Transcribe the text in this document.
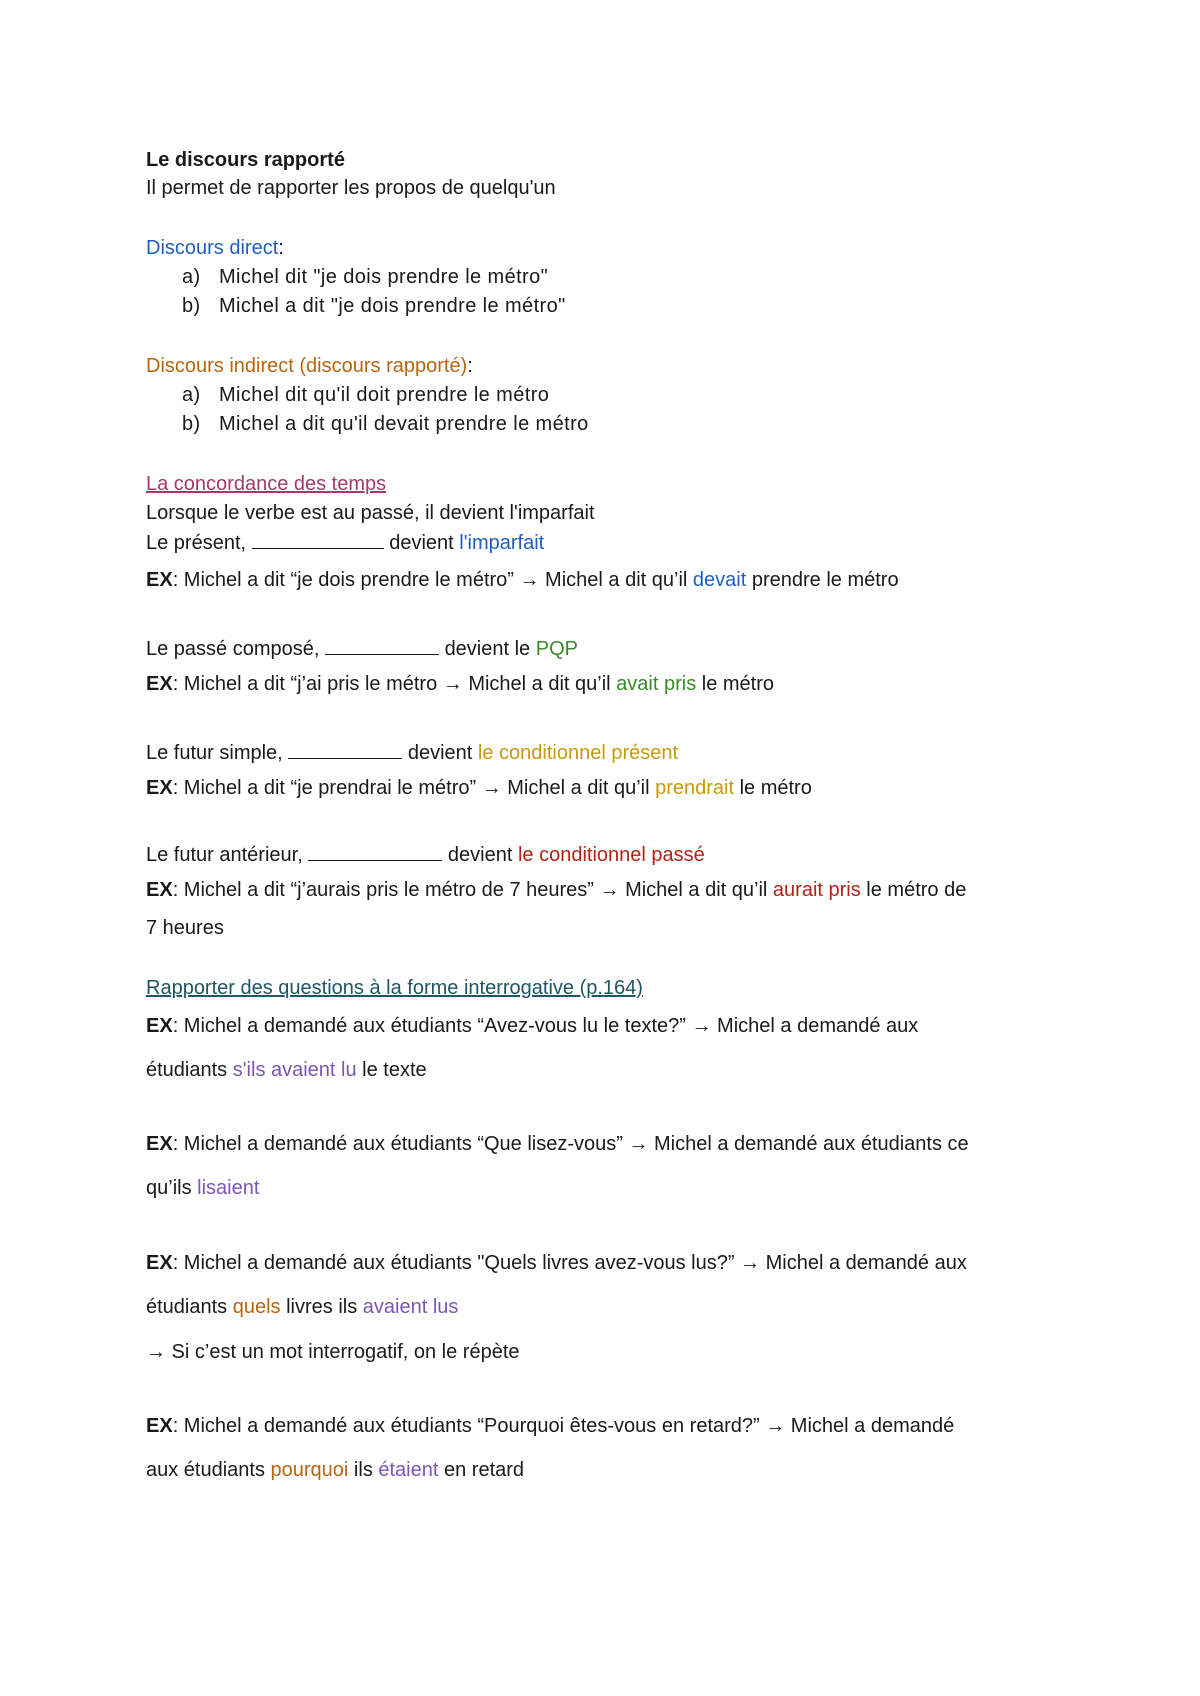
Le discours rapporté
Il permet de rapporter les propos de quelqu'un
Discours direct:
a) Michel dit "je dois prendre le métro"
b) Michel a dit "je dois prendre le métro"
Discours indirect (discours rapporté):
a) Michel dit qu'il doit prendre le métro
b) Michel a dit qu'il devait prendre le métro
La concordance des temps
Lorsque le verbe est au passé, il devient l'imparfait
Le présent,	devient l'imparfait
EX: Michel a dit “je dois prendre le métro” → Michel a dit qu’il devait prendre le métro
Le passé composé,	devient le PQP
EX: Michel a dit “j’ai pris le métro → Michel a dit qu’il avait pris le métro
Le futur simple,	devient le conditionnel présent
EX: Michel a dit “je prendrai le métro” → Michel a dit qu’il prendrait le métro
Le futur antérieur,	devient le conditionnel passé
EX: Michel a dit “j’aurais pris le métro de 7 heures” → Michel a dit qu’il aurait pris le métro de
7 heures
Rapporter des questions à la forme interrogative (p.164)
EX: Michel a demandé aux étudiants “Avez-vous lu le texte?” → Michel a demandé aux
étudiants s'ils avaient lu le texte
EX: Michel a demandé aux étudiants “Que lisez-vous” → Michel a demandé aux étudiants ce
qu’ils lisaient
EX: Michel a demandé aux étudiants "Quels livres avez-vous lus?” → Michel a demandé aux
étudiants quels livres ils avaient lus
→ Si c’est un mot interrogatif, on le répète
EX: Michel a demandé aux étudiants “Pourquoi êtes-vous en retard?” → Michel a demandé
aux étudiants pourquoi ils étaient en retard
